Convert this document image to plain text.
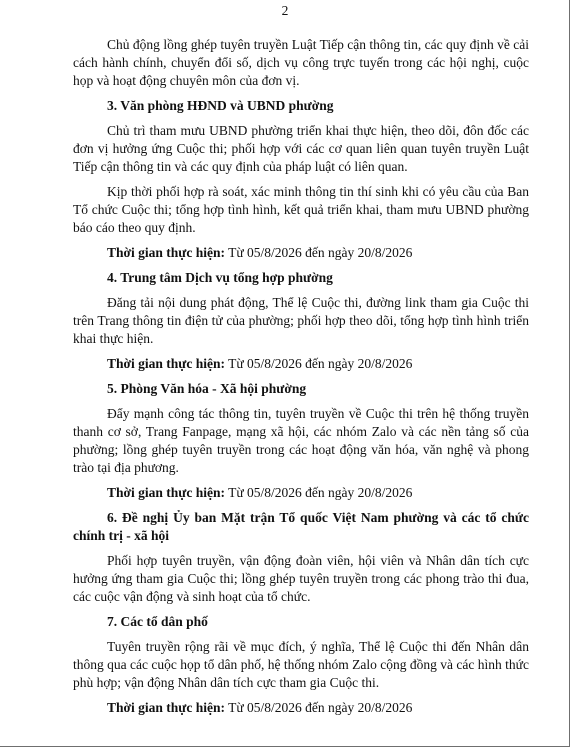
2

Chủ động lồng ghép tuyên truyền Luật Tiếp cận thông tin, các quy định về cải cách hành chính, chuyển đổi số, dịch vụ công trực tuyến trong các hội nghị, cuộc họp và hoạt động chuyên môn của đơn vị.

3. Văn phòng HĐND và UBND phường

Chủ trì tham mưu UBND phường triển khai thực hiện, theo dõi, đôn đốc các đơn vị hưởng ứng Cuộc thi; phối hợp với các cơ quan liên quan tuyên truyền Luật Tiếp cận thông tin và các quy định của pháp luật có liên quan.

Kịp thời phối hợp rà soát, xác minh thông tin thí sinh khi có yêu cầu của Ban Tổ chức Cuộc thi; tổng hợp tình hình, kết quả triển khai, tham mưu UBND phường báo cáo theo quy định.

Thời gian thực hiện: Từ 05/8/2026 đến ngày 20/8/2026

4. Trung tâm Dịch vụ tổng hợp phường

Đăng tải nội dung phát động, Thể lệ Cuộc thi, đường link tham gia Cuộc thi trên Trang thông tin điện tử của phường; phối hợp theo dõi, tổng hợp tình hình triển khai thực hiện.

Thời gian thực hiện: Từ 05/8/2026 đến ngày 20/8/2026

5. Phòng Văn hóa - Xã hội phường

Đẩy mạnh công tác thông tin, tuyên truyền về Cuộc thi trên hệ thống truyền thanh cơ sở, Trang Fanpage, mạng xã hội, các nhóm Zalo và các nền tảng số của phường; lồng ghép tuyên truyền trong các hoạt động văn hóa, văn nghệ và phong trào tại địa phương.

Thời gian thực hiện: Từ 05/8/2026 đến ngày 20/8/2026

6. Đề nghị Ủy ban Mặt trận Tổ quốc Việt Nam phường và các tổ chức chính trị - xã hội

Phối hợp tuyên truyền, vận động đoàn viên, hội viên và Nhân dân tích cực hưởng ứng tham gia Cuộc thi; lồng ghép tuyên truyền trong các phong trào thi đua, các cuộc vận động và sinh hoạt của tổ chức.

7. Các tổ dân phố

Tuyên truyền rộng rãi về mục đích, ý nghĩa, Thể lệ Cuộc thi đến Nhân dân thông qua các cuộc họp tổ dân phố, hệ thống nhóm Zalo cộng đồng và các hình thức phù hợp; vận động Nhân dân tích cực tham gia Cuộc thi.

Thời gian thực hiện: Từ 05/8/2026 đến ngày 20/8/2026
